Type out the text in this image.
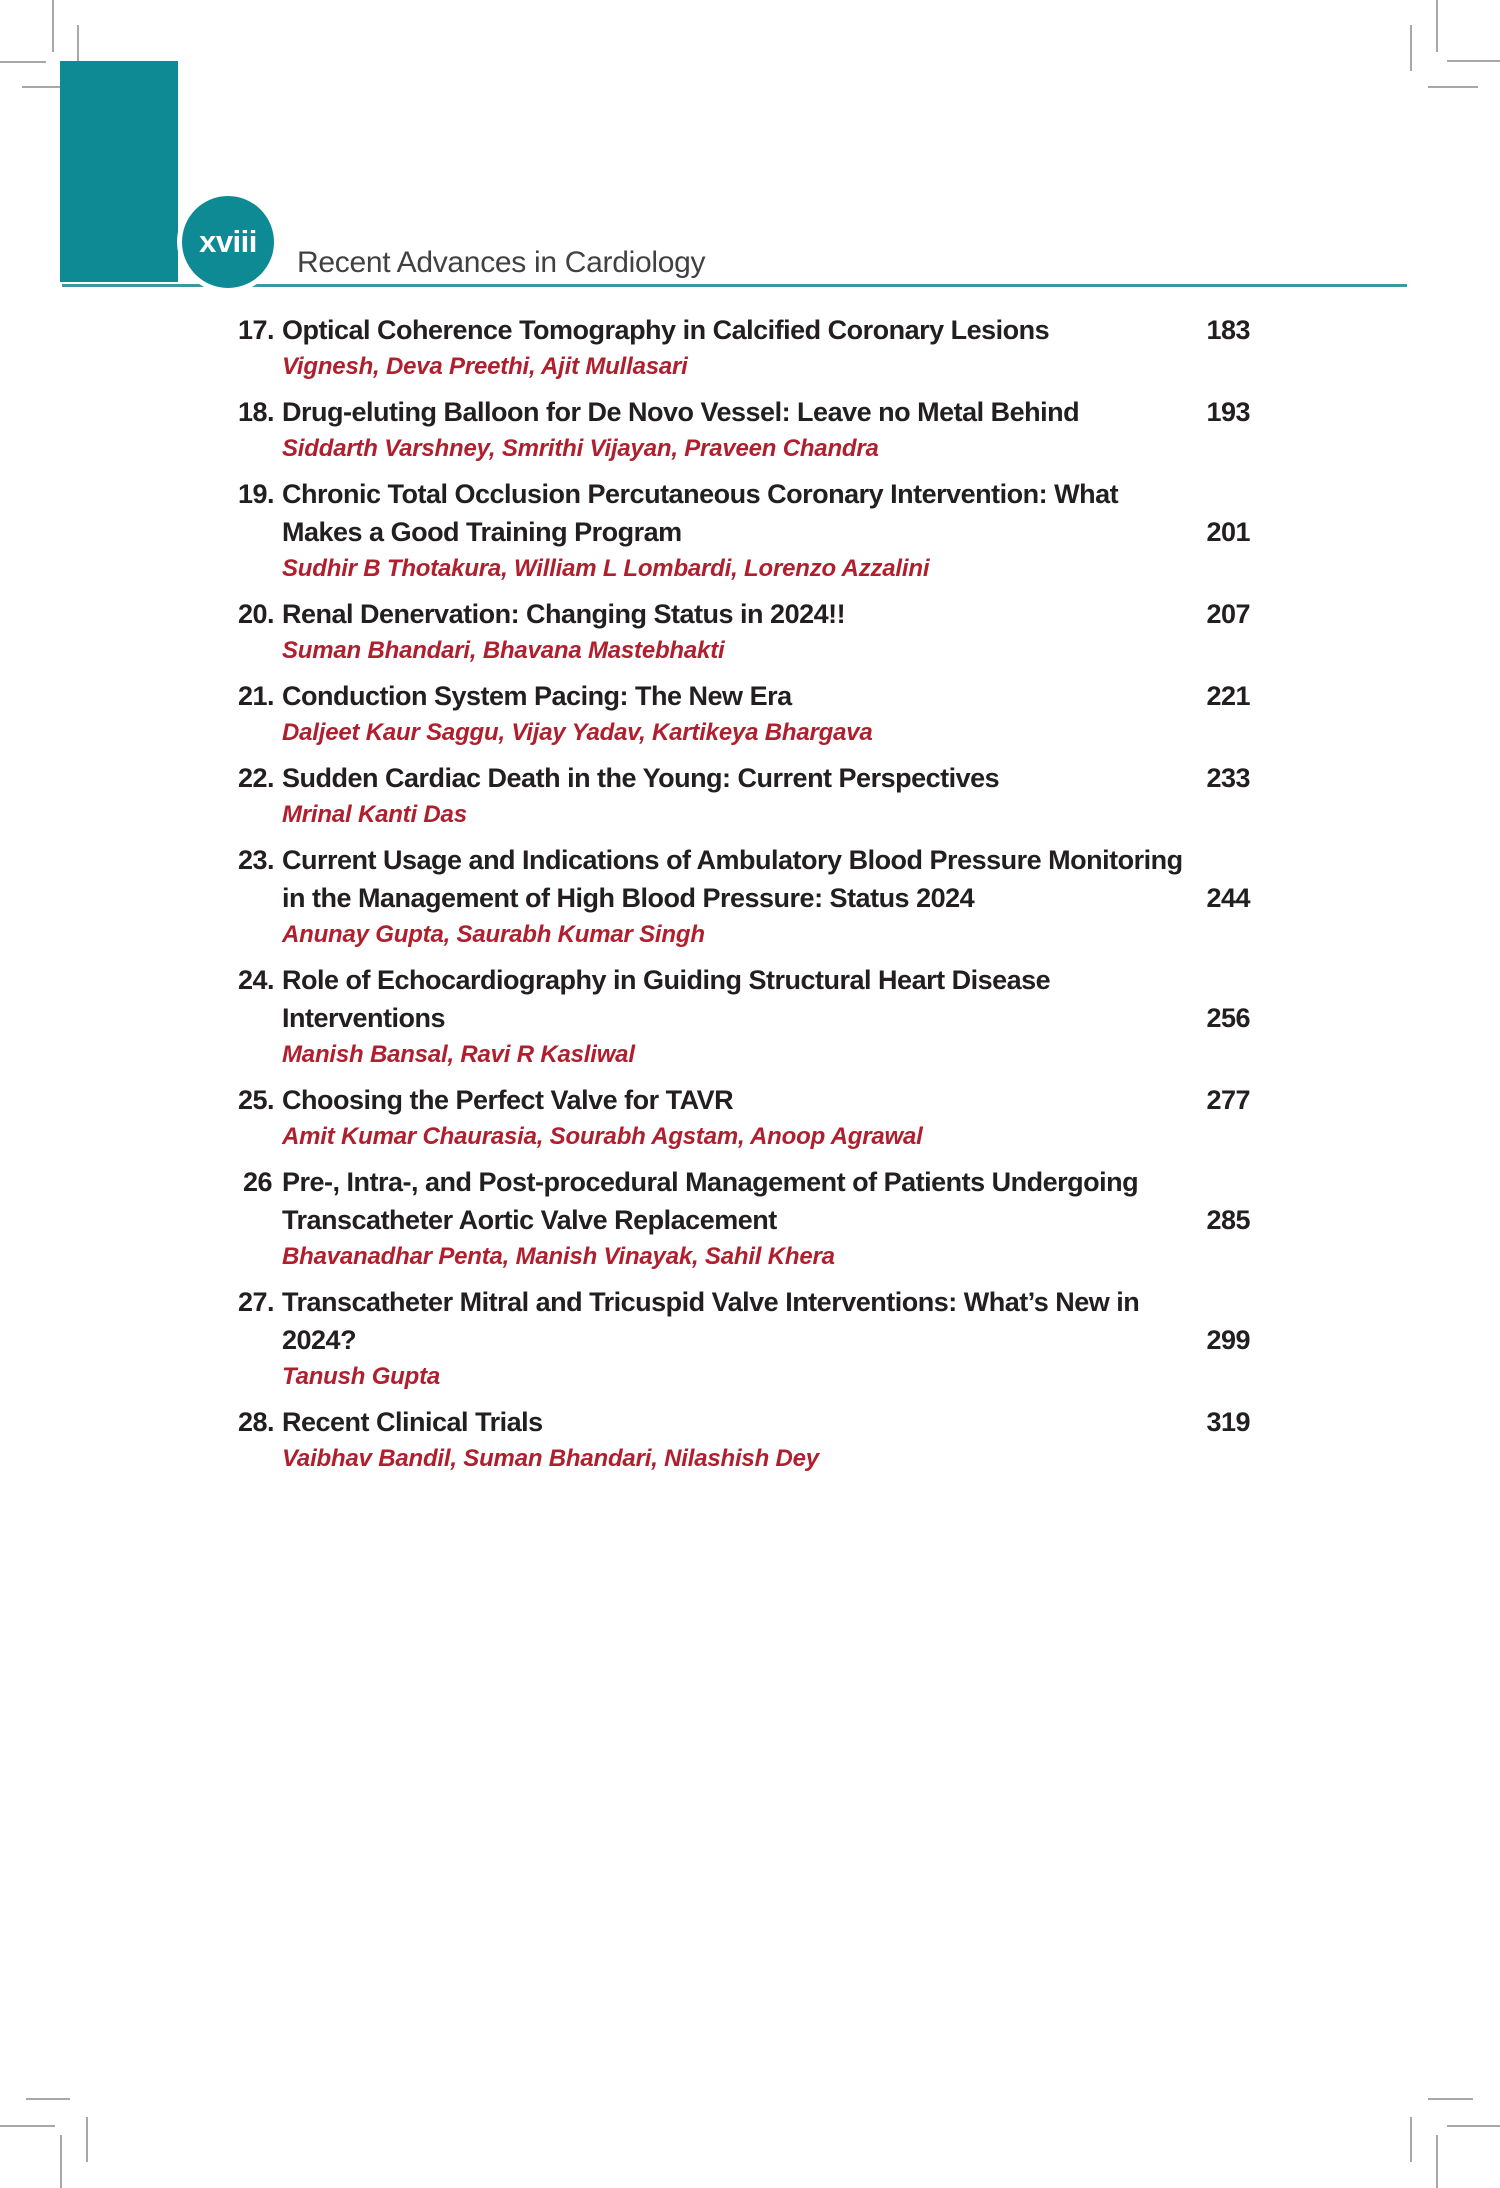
xviii
Recent Advances in Cardiology
17. Optical Coherence Tomography in Calcified Coronary Lesions	183
Vignesh, Deva Preethi, Ajit Mullasari
18. Drug-eluting Balloon for De Novo Vessel: Leave no Metal Behind	193
Siddarth Varshney, Smrithi Vijayan, Praveen Chandra
19. Chronic Total Occlusion Percutaneous Coronary Intervention: What Makes a Good Training Program	201
Sudhir B Thotakura, William L Lombardi, Lorenzo Azzalini
20. Renal Denervation: Changing Status in 2024!!	207
Suman Bhandari, Bhavana Mastebhakti
21. Conduction System Pacing: The New Era	221
Daljeet Kaur Saggu, Vijay Yadav, Kartikeya Bhargava
22. Sudden Cardiac Death in the Young: Current Perspectives	233
Mrinal Kanti Das
23. Current Usage and Indications of Ambulatory Blood Pressure Monitoring in the Management of High Blood Pressure: Status 2024	244
Anunay Gupta, Saurabh Kumar Singh
24. Role of Echocardiography in Guiding Structural Heart Disease Interventions	256
Manish Bansal, Ravi R Kasliwal
25. Choosing the Perfect Valve for TAVR	277
Amit Kumar Chaurasia, Sourabh Agstam, Anoop Agrawal
26 Pre-, Intra-, and Post-procedural Management of Patients Undergoing Transcatheter Aortic Valve Replacement	285
Bhavanadhar Penta, Manish Vinayak, Sahil Khera
27. Transcatheter Mitral and Tricuspid Valve Interventions: What’s New in 2024?	299
Tanush Gupta
28. Recent Clinical Trials	319
Vaibhav Bandil, Suman Bhandari, Nilashish Dey
